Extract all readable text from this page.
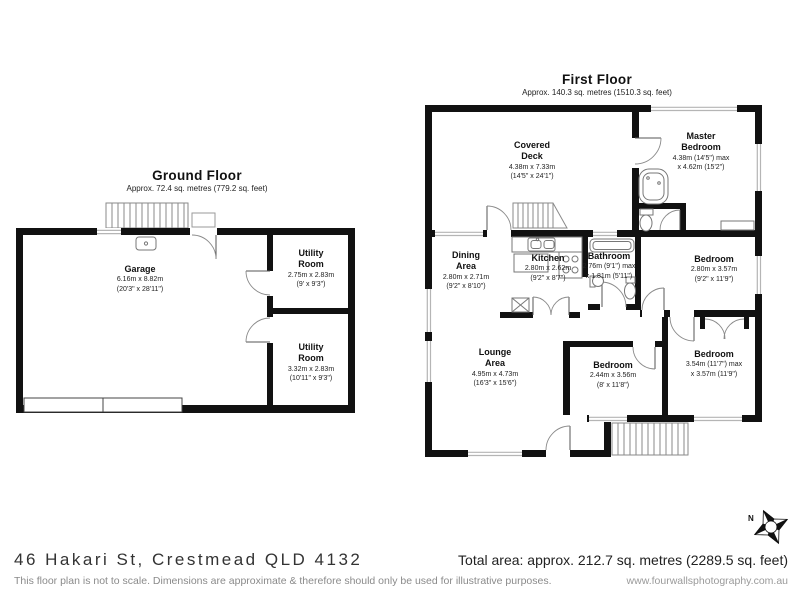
N
Ground Floor
Approx. 72.4 sq. metres (779.2 sq. feet)
First Floor
Approx. 140.3 sq. metres (1510.3 sq. feet)
Garage
6.16m x 8.82m
(20'3" x 28'11")
Utility
Room
2.75m x 2.83m
(9' x 9'3")
Utility
Room
3.32m x 2.83m
(10'11" x 9'3")
Covered
Deck
4.38m x 7.33m
(14'5" x 24'1")
Master
Bedroom
4.38m (14'5") max
x 4.62m (15'2")
Dining
Area
2.80m x 2.71m
(9'2" x 8'10")
Kitchen
2.80m x 2.62m
(9'2" x 8'7")
Bathroom
2.76m (9'1") max
x 1.81m (5'11")
Bedroom
2.80m x 3.57m
(9'2" x 11'9")
Lounge
Area
4.95m x 4.73m
(16'3" x 15'6")
Bedroom
2.44m x 3.56m
(8' x 11'8")
Bedroom
3.54m (11'7") max
x 3.57m (11'9")
46 Hakari St, Crestmead QLD 4132
This floor plan is not to scale. Dimensions are approximate & therefore should only be used for illustrative purposes.
Total area: approx. 212.7 sq. metres (2289.5 sq. feet)
www.fourwallsphotography.com.au
